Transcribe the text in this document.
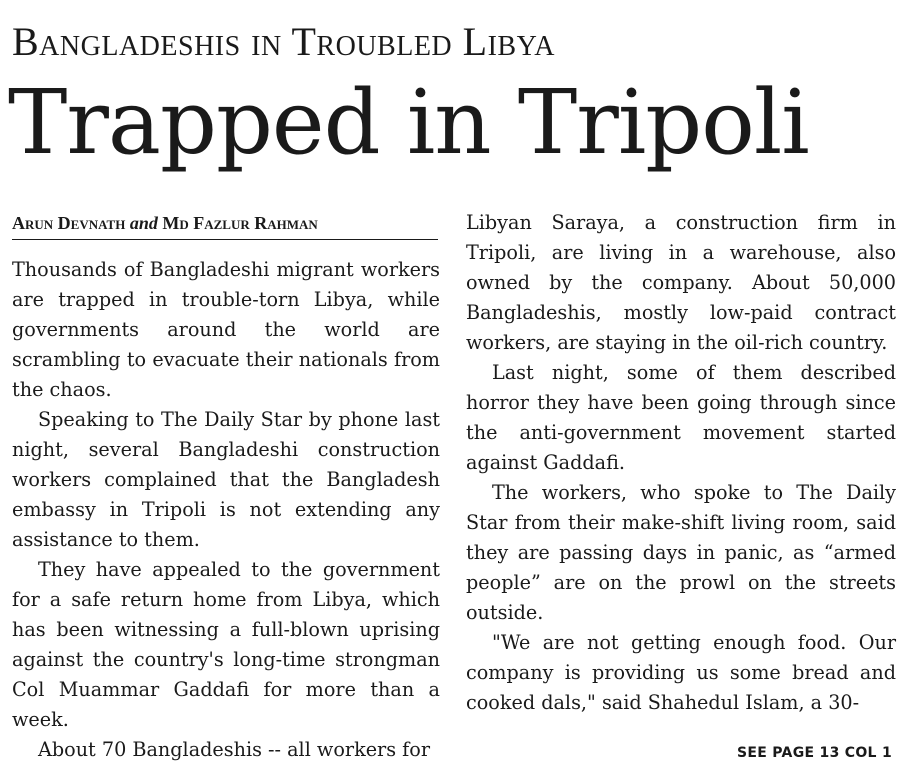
Bangladeshis in Troubled Libya
Trapped in Tripoli
Arun Devnath and Md Fazlur Rahman

Thousands of Bangladeshi migrant workers are trapped in trouble-torn Libya, while governments around the world are scrambling to evacuate their nationals from the chaos.

Speaking to The Daily Star by phone last night, several Bangladeshi construction workers complained that the Bangladesh embassy in Tripoli is not extending any assistance to them.

They have appealed to the government for a safe return home from Libya, which has been witnessing a full-blown uprising against the country's long-time strongman Col Muammar Gaddafi for more than a week.

About 70 Bangladeshis -- all workers for

Libyan Saraya, a construction firm in Tripoli, are living in a warehouse, also owned by the company. About 50,000 Bangladeshis, mostly low-paid contract workers, are staying in the oil-rich country.

Last night, some of them described horror they have been going through since the anti-government movement started against Gaddafi.

The workers, who spoke to The Daily Star from their make-shift living room, said they are passing days in panic, as “armed people” are on the prowl on the streets outside.

"We are not getting enough food. Our company is providing us some bread and cooked dals," said Shahedul Islam, a 30-

SEE PAGE 13 COL 1
